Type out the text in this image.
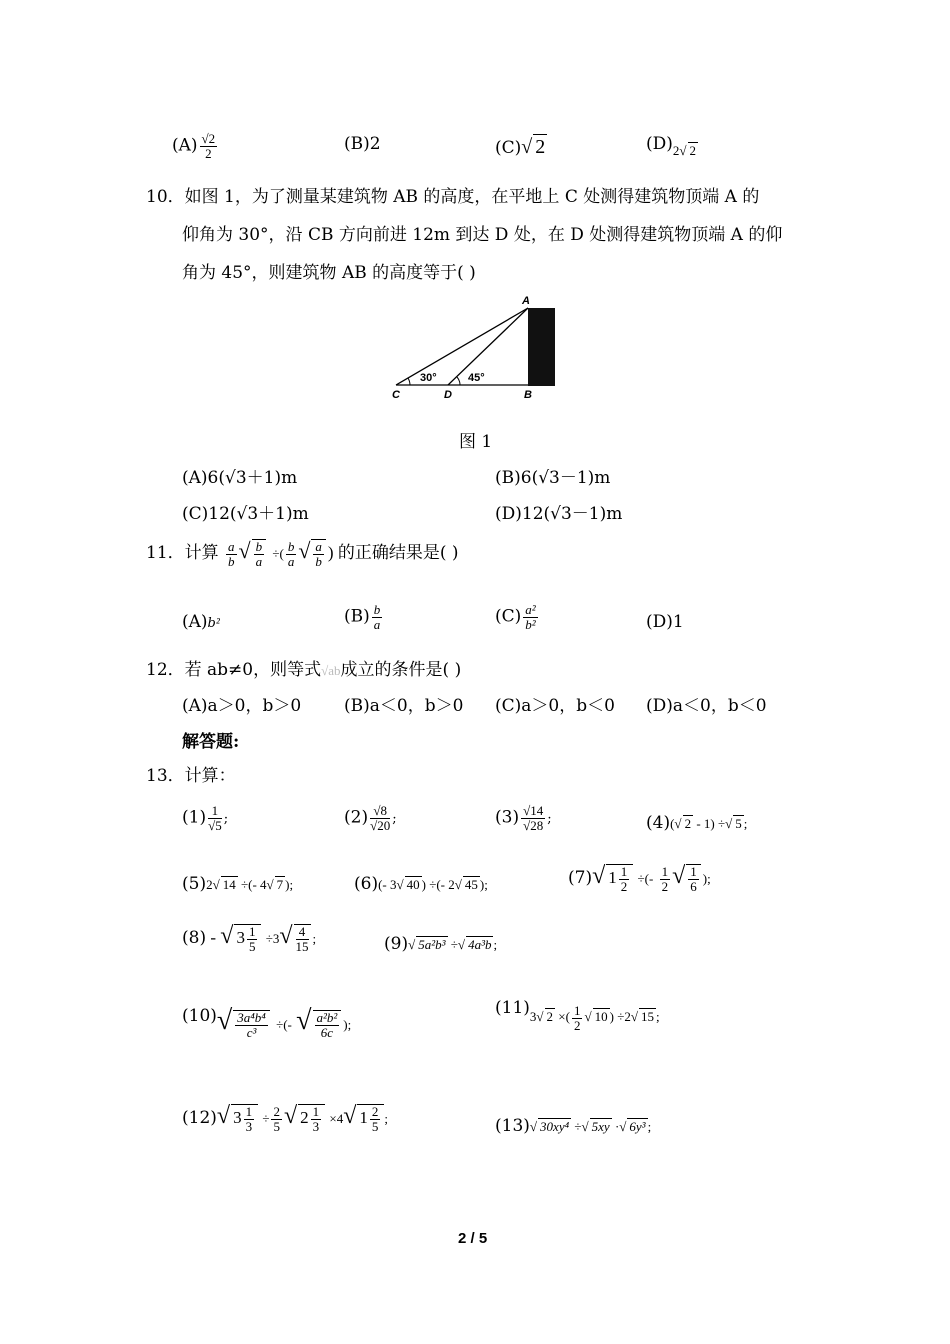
$(A) \frac{√2}{2}$	(B)2	(C)√ 2	$(D)_{2√ 2}$
10．如图 1，为了测量某建筑物 AB 的高度，在平地上 C 处测得建筑物顶端 A 的
仰角为 30°，沿 CB 方向前进 12m 到达 D 处，在 D 处测得建筑物顶端 A 的仰
角为 45°，则建筑物 AB 的高度等于( )
A
B
C	D
30°	45°
图 1
(A)6(√3＋1)m	(B)6(√3－1)m
(C)12(√3＋1)m	(D)12(√3－1)m
11．计算 $\frac{a}{b}$ √ $\frac{b}{a}$ ÷( $\frac{b}{a}$ √ $\frac{a}{b}$ ) 的正确结果是( )
(A)𝑏²	$(B) \frac{b}{a}$	$(C) \frac{\text{a²}}{\text{b²}}$	(D)1
12．若 ab≠0，则等式√ab成立的条件是( )
(A)a＞0，b＞0	(B)a＜0，b＞0 (C)a＞0，b＜0 (D)a＜0，b＜0
解答题:
13．计算：
$(1) \frac{1}{√5}$ ;	$(2) \frac{√8}{√20}$ ;	$(3) \frac{√14}{√28}$ ;	(4)(√ 2 - 1) ÷√ 5 ;
(5)2√ 14 ÷(- 4√ 7 );	(6)(- 3√ 40 ) ÷(- 2√ 45 );	(7)√ $1 \frac{1}{2}$ ÷(- $\frac{1}{2}$ √ $\frac{1}{6}$ );
(8) - √ $3 \frac{1}{5} \div 3√ \frac{4}{15}$ ;	(9)√ 5a²b³ ÷√ 4a³b ;
$(10)√ \frac{\text{3a⁴b⁴}}{\text{c³}}$ ÷(- √ $\frac{\text{a²b²}}{6c}$ );
$(11)_{3√ 2 \times( \frac{1}{2} √ 10 ) \div 2√ 15 ;}$
(12)√ $3 \frac{1}{3} \div \frac{2}{5}$ √ $2 \frac{1}{3} \times 4√$ $1 \frac{2}{5}$ ;	(13)√ 30xy⁴ ÷√ 5xy ·√ 6y³ ;
2 / 5
